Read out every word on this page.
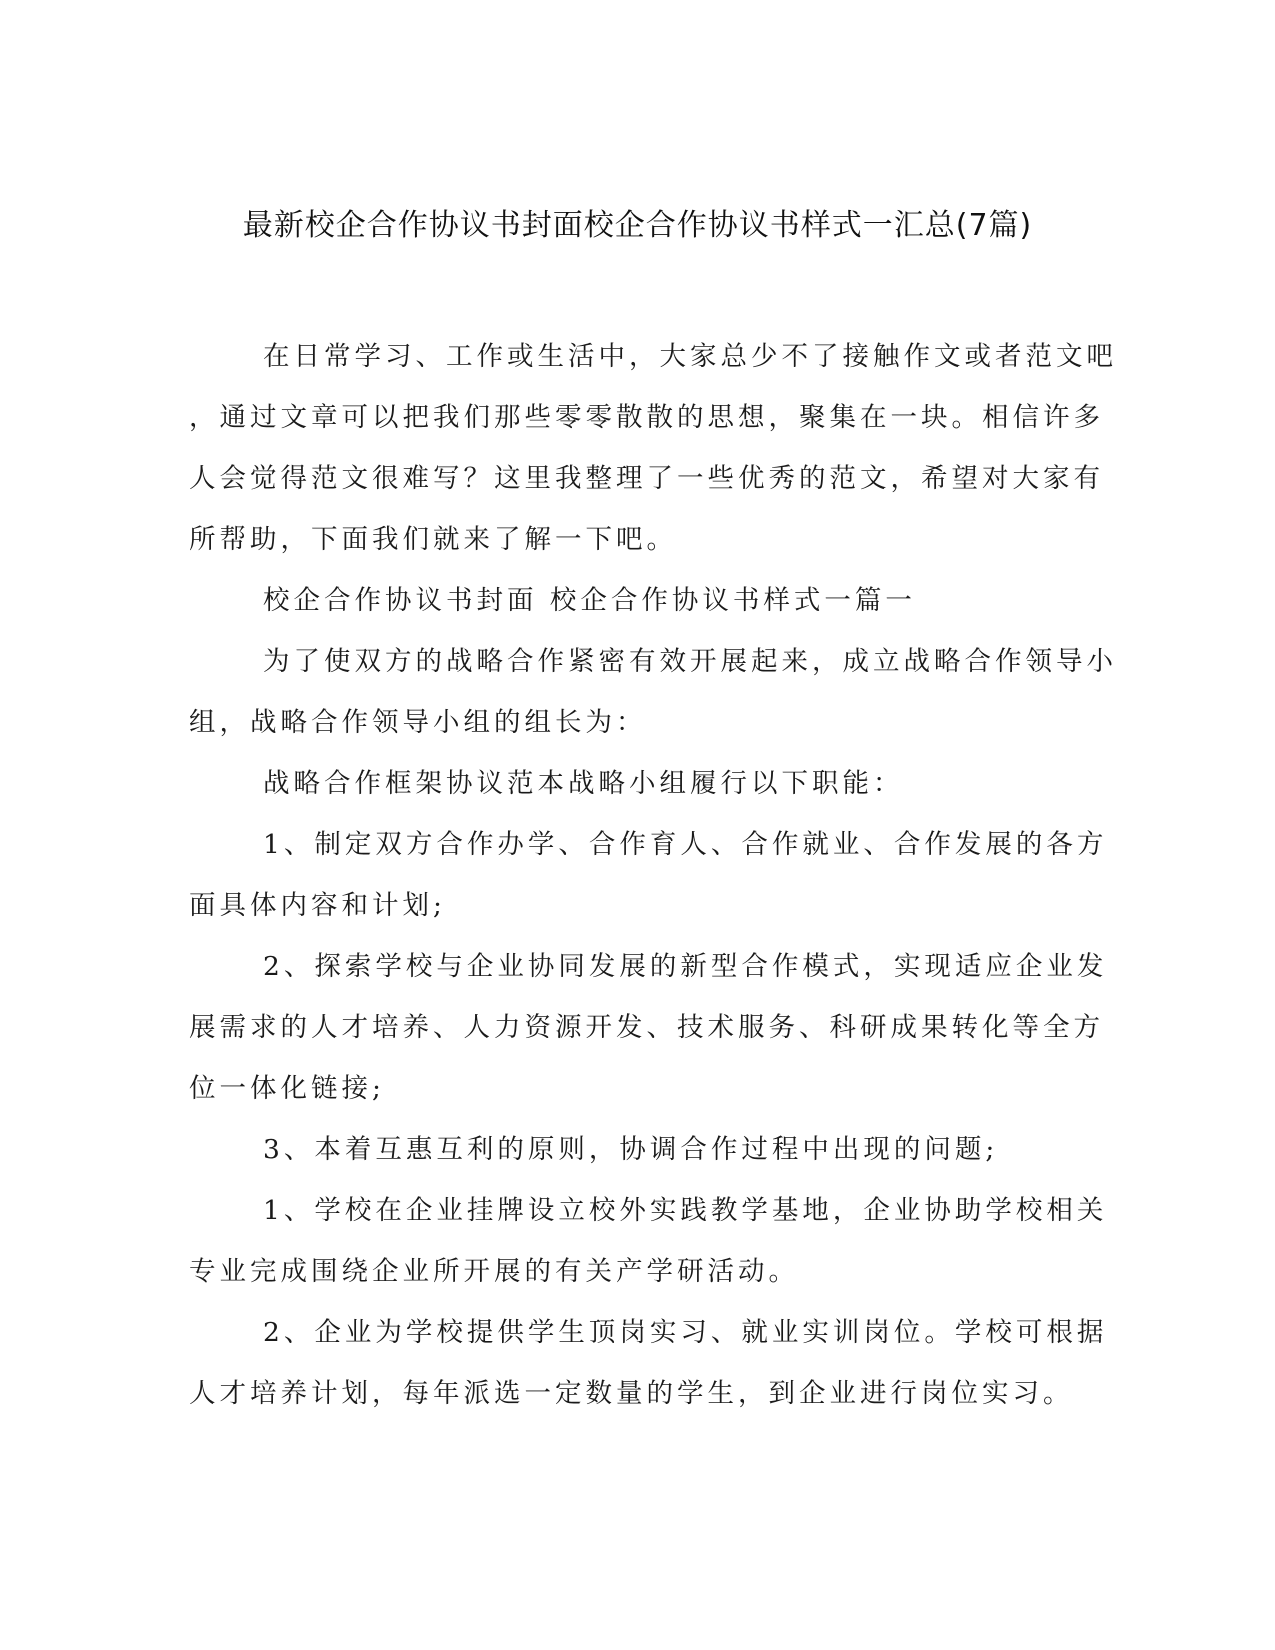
最新校企合作协议书封面校企合作协议书样式一汇总(7篇)

在日常学习、工作或生活中，大家总少不了接触作文或者范文吧
，通过文章可以把我们那些零零散散的思想，聚集在一块。相信许多
人会觉得范文很难写？这里我整理了一些优秀的范文，希望对大家有
所帮助，下面我们就来了解一下吧。

校企合作协议书封面 校企合作协议书样式一篇一

为了使双方的战略合作紧密有效开展起来，成立战略合作领导小
组，战略合作领导小组的组长为：

战略合作框架协议范本战略小组履行以下职能：

1、制定双方合作办学、合作育人、合作就业、合作发展的各方
面具体内容和计划;

2、探索学校与企业协同发展的新型合作模式，实现适应企业发
展需求的人才培养、人力资源开发、技术服务、科研成果转化等全方
位一体化链接;

3、本着互惠互利的原则，协调合作过程中出现的问题;

1、学校在企业挂牌设立校外实践教学基地，企业协助学校相关
专业完成围绕企业所开展的有关产学研活动。

2、企业为学校提供学生顶岗实习、就业实训岗位。学校可根据
人才培养计划，每年派选一定数量的学生，到企业进行岗位实习。
